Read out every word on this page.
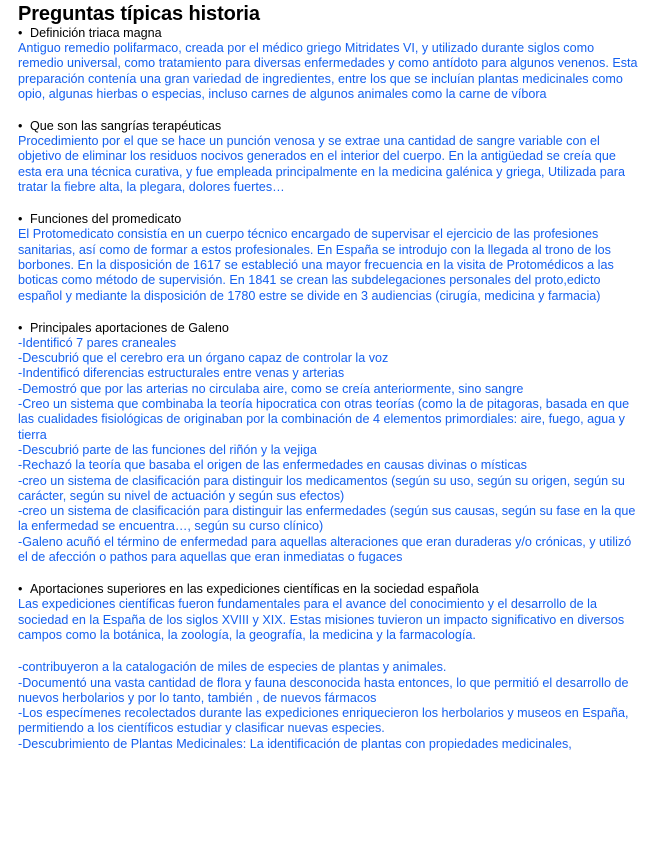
Preguntas típicas historia
• Definición triaca magna
Antiguo remedio polifarmaco, creada por el médico griego Mitridates VI, y utilizado durante siglos como remedio universal, como tratamiento para diversas enfermedades y como antídoto para algunos venenos. Esta preparación contenía una gran variedad de ingredientes, entre los que se incluían plantas medicinales como opio, algunas hierbas o especias, incluso carnes de algunos animales como la carne de víbora
• Que son las sangrías terapéuticas
Procedimiento por el que se hace un punción venosa y se extrae una cantidad de sangre variable con el objetivo de eliminar los residuos nocivos generados en el interior del cuerpo. En la antigüedad se creía que esta era una técnica curativa, y fue empleada principalmente en la medicina galénica y griega, Utilizada para tratar la fiebre alta, la plegara, dolores fuertes…
• Funciones del promedicato
El Protomedicato consistía en un cuerpo técnico encargado de supervisar el ejercicio de las profesiones sanitarias, así como de formar a estos profesionales. En España se introdujo con la llegada al trono de los borbones. En la disposición de 1617 se estableció una mayor frecuencia en la visita de Protomédicos a las boticas como método de supervisión. En 1841 se crean las subdelegaciones personales del proto,edicto español y mediante la disposición de 1780 estre se divide en 3 audiencias (cirugía, medicina y farmacia)
• Principales aportaciones de Galeno
-Identificó 7 pares craneales
-Descubrió que el cerebro era un órgano capaz de controlar la voz
-Indentificó diferencias estructurales entre venas y arterias
-Demostró que por las arterias no circulaba aire, como se creía anteriormente, sino sangre
-Creo un sistema que combinaba la teoría hipocratica con otras teorías (como la de pitagoras, basada en que las cualidades fisiológicas de originaban por la combinación de 4 elementos primordiales: aire, fuego, agua y tierra
-Descubrió parte de las funciones del riñón y la vejiga
-Rechazó la teoría que basaba el origen de las enfermedades en causas divinas o místicas
-creo un sistema de clasificación para distinguir los medicamentos (según su uso, según su origen, según su carácter, según su nivel de actuación y según sus efectos)
-creo un sistema de clasificación para distinguir las enfermedades (según sus causas, según su fase en la que la enfermedad se encuentra…, según su curso clínico)
-Galeno acuñó el término de enfermedad para aquellas alteraciones que eran duraderas y/o crónicas, y utilizó el de afección o pathos para aquellas que eran inmediatas o fugaces
• Aportaciones superiores en las expediciones científicas en la sociedad española
Las expediciones científicas fueron fundamentales para el avance del conocimiento y el desarrollo de la sociedad en la España de los siglos XVIII y XIX. Estas misiones tuvieron un impacto significativo en diversos campos como la botánica, la zoología, la geografía, la medicina y la farmacología.
-contribuyeron a la catalogación de miles de especies de plantas y animales.
-Documentó una vasta cantidad de flora y fauna desconocida hasta entonces, lo que permitió el desarrollo de nuevos herbolarios y por lo tanto, también , de nuevos fármacos
-Los especímenes recolectados durante las expediciones enriquecieron los herbolarios y museos en España, permitiendo a los científicos estudiar y clasificar nuevas especies.
-Descubrimiento de Plantas Medicinales: La identificación de plantas con propiedades medicinales,
